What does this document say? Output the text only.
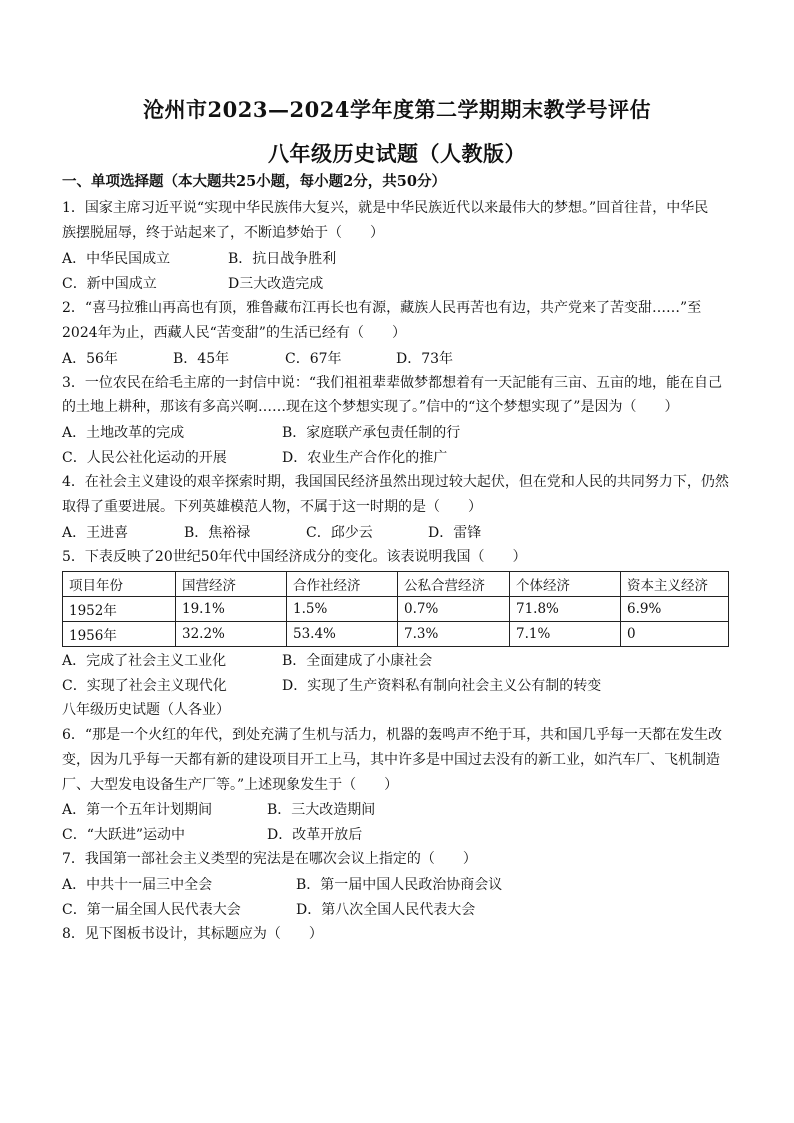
沧州市2023—2024学年度第二学期期末教学号评估
八年级历史试题（人教版）
一、单项选择题（本大题共25小题，每小题2分，共50分）
1．国家主席习近平说“实现中华民族伟大复兴，就是中华民族近代以来最伟大的梦想。”回首往昔，中华民
族摆脱屈辱，终于站起来了，不断追梦始于（　　）
A．中华民国成立	B．抗日战争胜利
C．新中国成立	D三大改造完成
2．“喜马拉雅山再高也有顶，雅鲁藏布江再长也有源，藏族人民再苦也有边，共产党来了苦变甜……”至
2024年为止，西藏人民“苦变甜”的生活已经有（　　）
A．56年	B．45年	C．67年	D．73年
3．一位农民在给毛主席的一封信中说：“我们祖祖辈辈做梦都想着有一天記能有三亩、五亩的地，能在自己
的土地上耕种，那该有多高兴啊……现在这个梦想实现了。”信中的“这个梦想实现了”是因为（　　）
A．土地改革的完成	B．家庭联产承包责任制的行
C．人民公社化运动的开展	D．农业生产合作化的推广
4．在社会主义建设的艰辛探索时期，我国国民经济虽然出现过较大起伏，但在党和人民的共同努力下，仍然
取得了重要进展。下列英雄模范人物，不属于这一时期的是（　　）
A．王进喜	B．焦裕禄	C．邱少云	D．雷锋
5．下表反映了20世纪50年代中国经济成分的变化。该表说明我国（　　）
项目年份	国营经济	合作社经济	公私合营经济	个体经济	资本主义经济
1952年	19.1%	1.5%	0.7%	71.8%	6.9%
1956年	32.2%	53.4%	7.3%	7.1%	0
A．完成了社会主义工业化	B．全面建成了小康社会
C．实现了社会主义现代化	D．实现了生产资料私有制向社会主义公有制的转变
八年级历史试题（人各业）
6．“那是一个火红的年代，到处充满了生机与活力，机器的轰鸣声不绝于耳，共和国几乎每一天都在发生改
变，因为几乎每一天都有新的建设项目开工上马，其中许多是中国过去没有的新工业，如汽车厂、飞机制造
厂、大型发电设备生产厂等。”上述现象发生于（　　）
A．第一个五年计划期间	B．三大改造期间
C．“大跃进”运动中	D．改革开放后
7．我国第一部社会主义类型的宪法是在哪次会议上指定的（　　）
A．中共十一届三中全会	B．第一届中国人民政治协商会议
C．第一届全国人民代表大会	D．第八次全国人民代表大会
8．见下图板书设计，其标题应为（　　）
